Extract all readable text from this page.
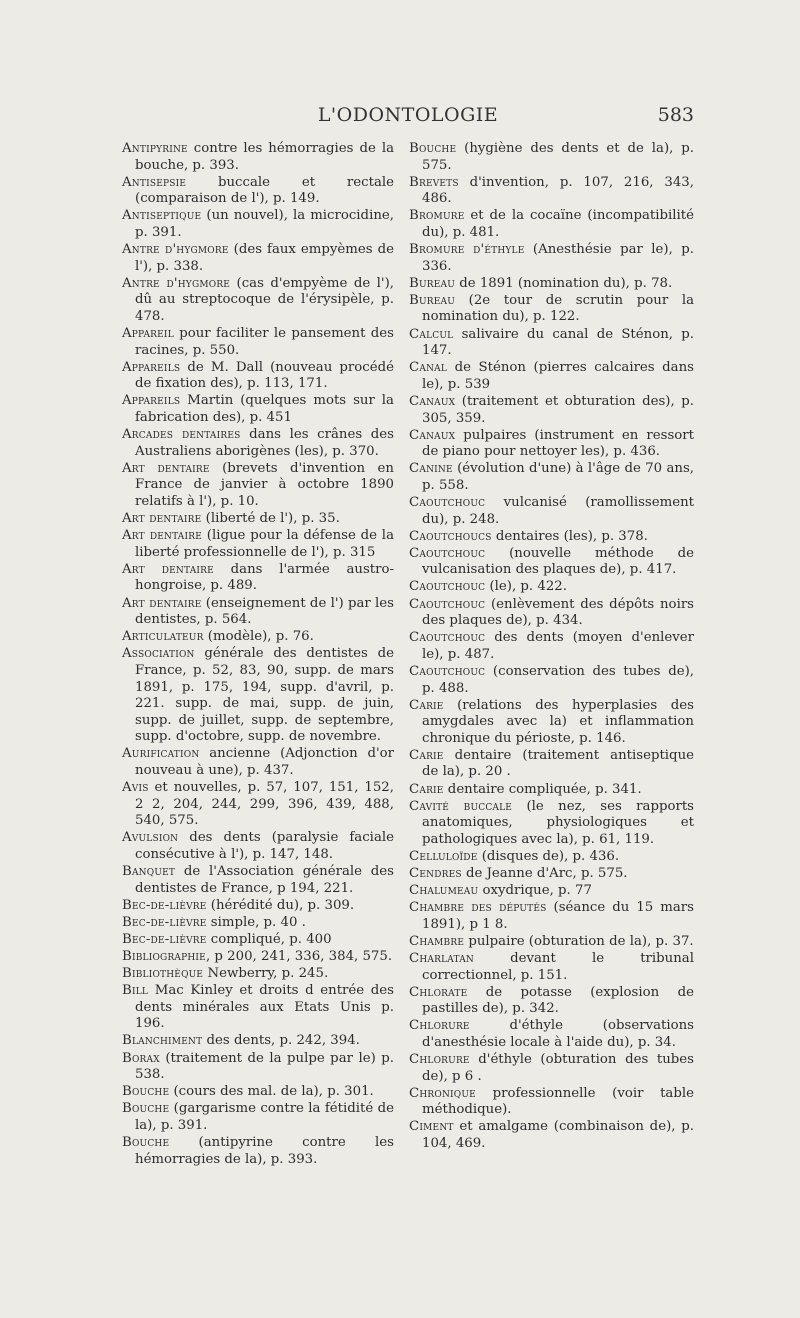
L'ODONTOLOGIE	583

Antipyrine contre les hémorragies de la bouche, p. 393.

Antisepsie buccale et rectale (comparaison de l'), p. 149.

Antiseptique (un nouvel), la microcidine, p. 391.

Antre d'hygmore (des faux empyèmes de l'), p. 338.

Antre d'hygmore (cas d'empyème de l'), dû au streptocoque de l'érysipèle, p. 478.

Appareil pour faciliter le pansement des racines, p. 550.

Appareils de M. Dall (nouveau procédé de fixation des), p. 113, 171.

Appareils Martin (quelques mots sur la fabrication des), p. 451

Arcades dentaires dans les crânes des Australiens aborigènes (les), p. 370.

Art dentaire (brevets d'invention en France de janvier à octobre 1890 relatifs à l'), p. 10.

Art dentaire (liberté de l'), p. 35.

Art dentaire (ligue pour la défense de la liberté professionnelle de l'), p. 315

Art dentaire dans l'armée austro-hongroise, p. 489.

Art dentaire (enseignement de l') par les dentistes, p. 564.

Articulateur (modèle), p. 76.

Association générale des dentistes de France, p. 52, 83, 90, supp. de mars 1891, p. 175, 194, supp. d'avril, p. 221. supp. de mai, supp. de juin, supp. de juillet, supp. de septembre, supp. d'octobre, supp. de novembre.

Aurification ancienne (Adjonction d'or nouveau à une), p. 437.

Avis et nouvelles, p. 57, 107, 151, 152, 2 2, 204, 244, 299, 396, 439, 488, 540, 575.

Avulsion des dents (paralysie faciale consécutive à l'), p. 147, 148.

Banquet de l'Association générale des dentistes de France, p 194, 221.

Bec-de-lièvre (hérédité du), p. 309.

Bec-de-lièvre simple, p. 40 .

Bec-de-lièvre compliqué, p. 400

Bibliographie, p 200, 241, 336, 384, 575.

Bibliothèque Newberry, p. 245.

Bill Mac Kinley et droits d entrée des dents minérales aux Etats Unis p. 196.

Blanchiment des dents, p. 242, 394.

Borax (traitement de la pulpe par le) p. 538.

Bouche (cours des mal. de la), p. 301.

Bouche (gargarisme contre la fétidité de la), p. 391.

Bouche (antipyrine contre les hémorragies de la), p. 393.

Bouche (hygiène des dents et de la), p. 575.

Brevets d'invention, p. 107, 216, 343, 486.

Bromure et de la cocaïne (incompatibilité du), p. 481.

Bromure d'éthyle (Anesthésie par le), p. 336.

Bureau de 1891 (nomination du), p. 78.

Bureau (2e tour de scrutin pour la nomination du), p. 122.

Calcul salivaire du canal de Sténon, p. 147.

Canal de Sténon (pierres calcaires dans le), p. 539

Canaux (traitement et obturation des), p. 305, 359.

Canaux pulpaires (instrument en ressort de piano pour nettoyer les), p. 436.

Canine (évolution d'une) à l'âge de 70 ans, p. 558.

Caoutchouc vulcanisé (ramollissement du), p. 248.

Caoutchoucs dentaires (les), p. 378.

Caoutchouc (nouvelle méthode de vulcanisation des plaques de), p. 417.

Caoutchouc (le), p. 422.

Caoutchouc (enlèvement des dépôts noirs des plaques de), p. 434.

Caoutchouc des dents (moyen d'enlever le), p. 487.

Caoutchouc (conservation des tubes de), p. 488.

Carie (relations des hyperplasies des amygdales avec la) et inflammation chronique du périoste, p. 146.

Carie dentaire (traitement antiseptique de la), p. 20 .

Carie dentaire compliquée, p. 341.

Cavité buccale (le nez, ses rapports anatomiques, physiologiques et pathologiques avec la), p. 61, 119.

Celluloïde (disques de), p. 436.

Cendres de Jeanne d'Arc, p. 575.

Chalumeau oxydrique, p. 77

Chambre des députés (séance du 15 mars 1891), p 1 8.

Chambre pulpaire (obturation de la), p. 37.

Charlatan devant le tribunal correctionnel, p. 151.

Chlorate de potasse (explosion de pastilles de), p. 342.

Chlorure d'éthyle (observations d'anesthésie locale à l'aide du), p. 34.

Chlorure d'éthyle (obturation des tubes de), p 6 .

Chronique professionnelle (voir table méthodique).

Ciment et amalgame (combinaison de), p. 104, 469.
